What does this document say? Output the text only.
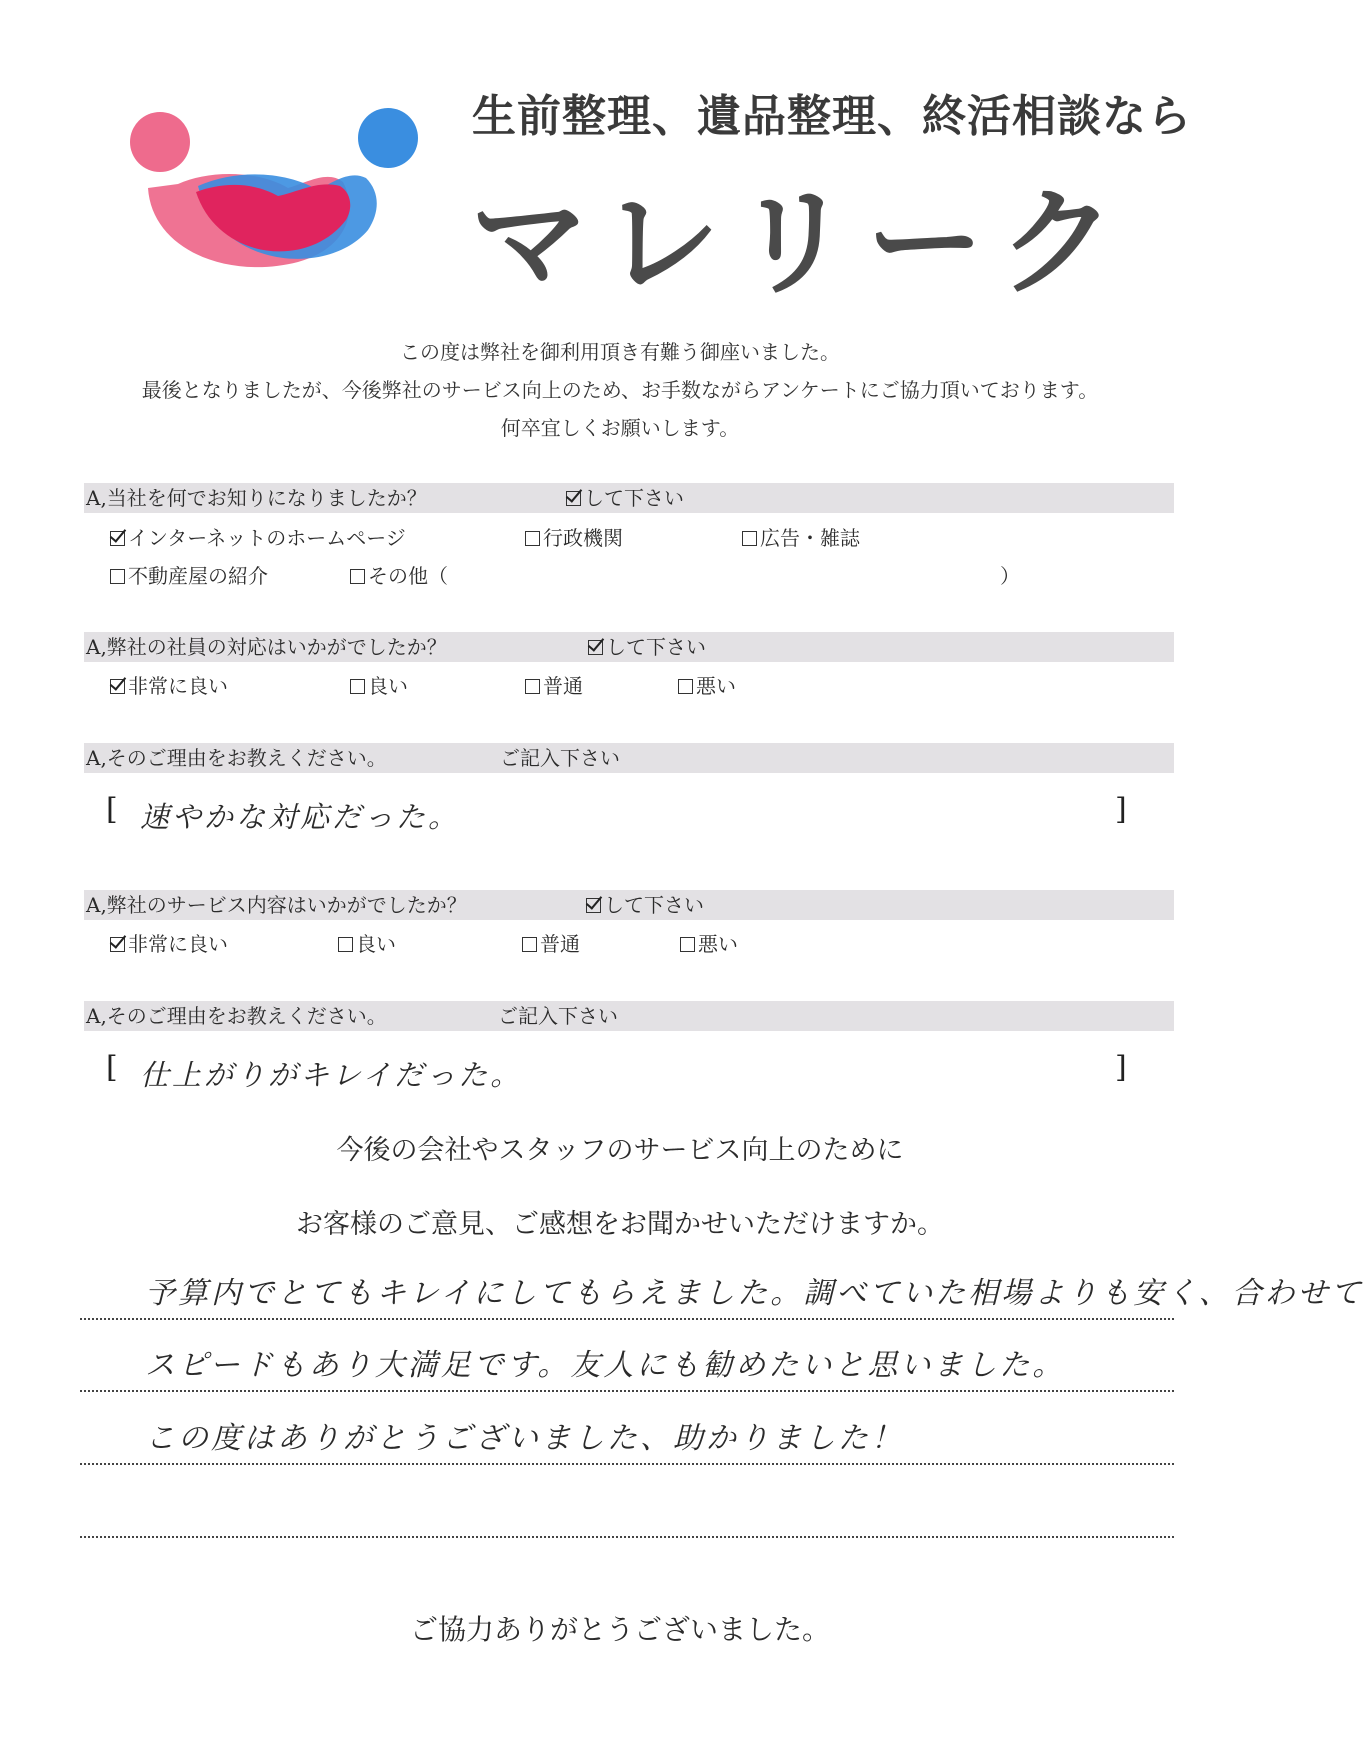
生前整理、遺品整理、終活相談なら
マレリーク
この度は弊社を御利用頂き有難う御座いました。
最後となりましたが、今後弊社のサービス向上のため、お手数ながらアンケートにご協力頂いております。
何卒宜しくお願いします。
A,当社を何でお知りになりましたか？	して下さい
インターネットのホームページ	行政機関	広告・雑誌
不動産屋の紹介	その他（	）
A,弊社の社員の対応はいかがでしたか？	して下さい
非常に良い	良い	普通	悪い
A,そのご理由をお教えください。	ご記入下さい
[ 速やかな対応だった。	]
A,弊社のサービス内容はいかがでしたか？	して下さい
非常に良い	良い	普通	悪い
A,そのご理由をお教えください。	ご記入下さい
[ 仕上がりがキレイだった。	]
今後の会社やスタッフのサービス向上のために
お客様のご意見、ご感想をお聞かせいただけますか。
予算内でとてもキレイにしてもらえました。調べていた相場よりも安く、合わせて
スピードもあり大満足です。友人にも勧めたいと思いました。
この度はありがとうございました、助かりました！
ご協力ありがとうございました。
